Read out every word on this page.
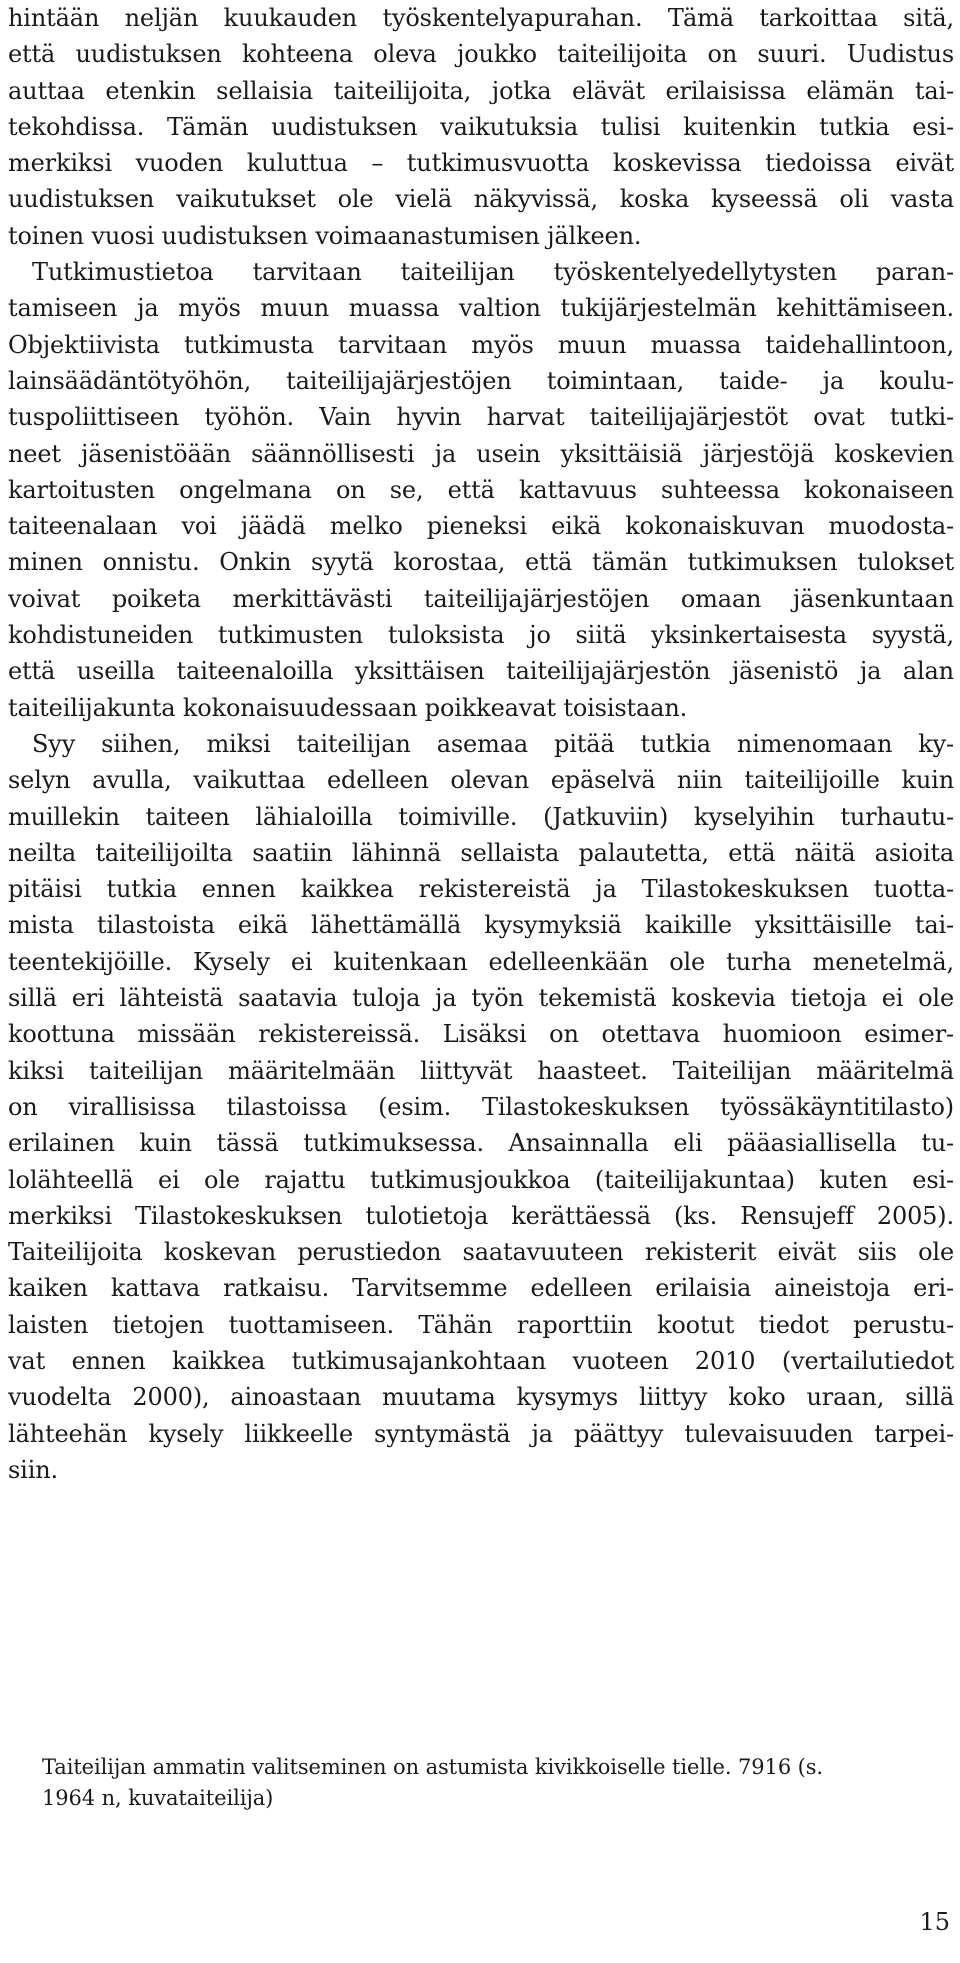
hintään neljän kuukauden työskentelyapurahan. Tämä tarkoittaa sitä,
että uudistuksen kohteena oleva joukko taiteilijoita on suuri. Uudistus
auttaa etenkin sellaisia taiteilijoita, jotka elävät erilaisissa elämän tai-
tekohdissa. Tämän uudistuksen vaikutuksia tulisi kuitenkin tutkia esi-
merkiksi vuoden kuluttua – tutkimusvuotta koskevissa tiedoissa eivät
uudistuksen vaikutukset ole vielä näkyvissä, koska kyseessä oli vasta
toinen vuosi uudistuksen voimaanastumisen jälkeen.
Tutkimustietoa tarvitaan taiteilijan työskentelyedellytysten paran-
tamiseen ja myös muun muassa valtion tukijärjestelmän kehittämiseen.
Objektiivista tutkimusta tarvitaan myös muun muassa taidehallintoon,
lainsäädäntötyöhön, taiteilijajärjestöjen toimintaan, taide- ja koulu-
tuspoliittiseen työhön. Vain hyvin harvat taiteilijajärjestöt ovat tutki-
neet jäsenistöään säännöllisesti ja usein yksittäisiä järjestöjä koskevien
kartoitusten ongelmana on se, että kattavuus suhteessa kokonaiseen
taiteenalaan voi jäädä melko pieneksi eikä kokonaiskuvan muodosta-
minen onnistu. Onkin syytä korostaa, että tämän tutkimuksen tulokset
voivat poiketa merkittävästi taiteilijajärjestöjen omaan jäsenkuntaan
kohdistuneiden tutkimusten tuloksista jo siitä yksinkertaisesta syystä,
että useilla taiteenaloilla yksittäisen taiteilijajärjestön jäsenistö ja alan
taiteilijakunta kokonaisuudessaan poikkeavat toisistaan.
Syy siihen, miksi taiteilijan asemaa pitää tutkia nimenomaan ky-
selyn avulla, vaikuttaa edelleen olevan epäselvä niin taiteilijoille kuin
muillekin taiteen lähialoilla toimiville. (Jatkuviin) kyselyihin turhautu-
neilta taiteilijoilta saatiin lähinnä sellaista palautetta, että näitä asioita
pitäisi tutkia ennen kaikkea rekistereistä ja Tilastokeskuksen tuotta-
mista tilastoista eikä lähettämällä kysymyksiä kaikille yksittäisille tai-
teentekijöille. Kysely ei kuitenkaan edelleenkään ole turha menetelmä,
sillä eri lähteistä saatavia tuloja ja työn tekemistä koskevia tietoja ei ole
koottuna missään rekistereissä. Lisäksi on otettava huomioon esimer-
kiksi taiteilijan määritelmään liittyvät haasteet. Taiteilijan määritelmä
on virallisissa tilastoissa (esim. Tilastokeskuksen työssäkäyntitilasto)
erilainen kuin tässä tutkimuksessa. Ansainnalla eli pääasiallisella tu-
lolähteellä ei ole rajattu tutkimusjoukkoa (taiteilijakuntaa) kuten esi-
merkiksi Tilastokeskuksen tulotietoja kerättäessä (ks. Rensujeff 2005).
Taiteilijoita koskevan perustiedon saatavuuteen rekisterit eivät siis ole
kaiken kattava ratkaisu. Tarvitsemme edelleen erilaisia aineistoja eri-
laisten tietojen tuottamiseen. Tähän raporttiin kootut tiedot perustu-
vat ennen kaikkea tutkimusajankohtaan vuoteen 2010 (vertailutiedot
vuodelta 2000), ainoastaan muutama kysymys liittyy koko uraan, sillä
lähteehän kysely liikkeelle syntymästä ja päättyy tulevaisuuden tarpei-
siin.
Taiteilijan ammatin valitseminen on astumista kivikkoiselle tielle. 7916 (s.
1964 n, kuvataiteilija)
15
